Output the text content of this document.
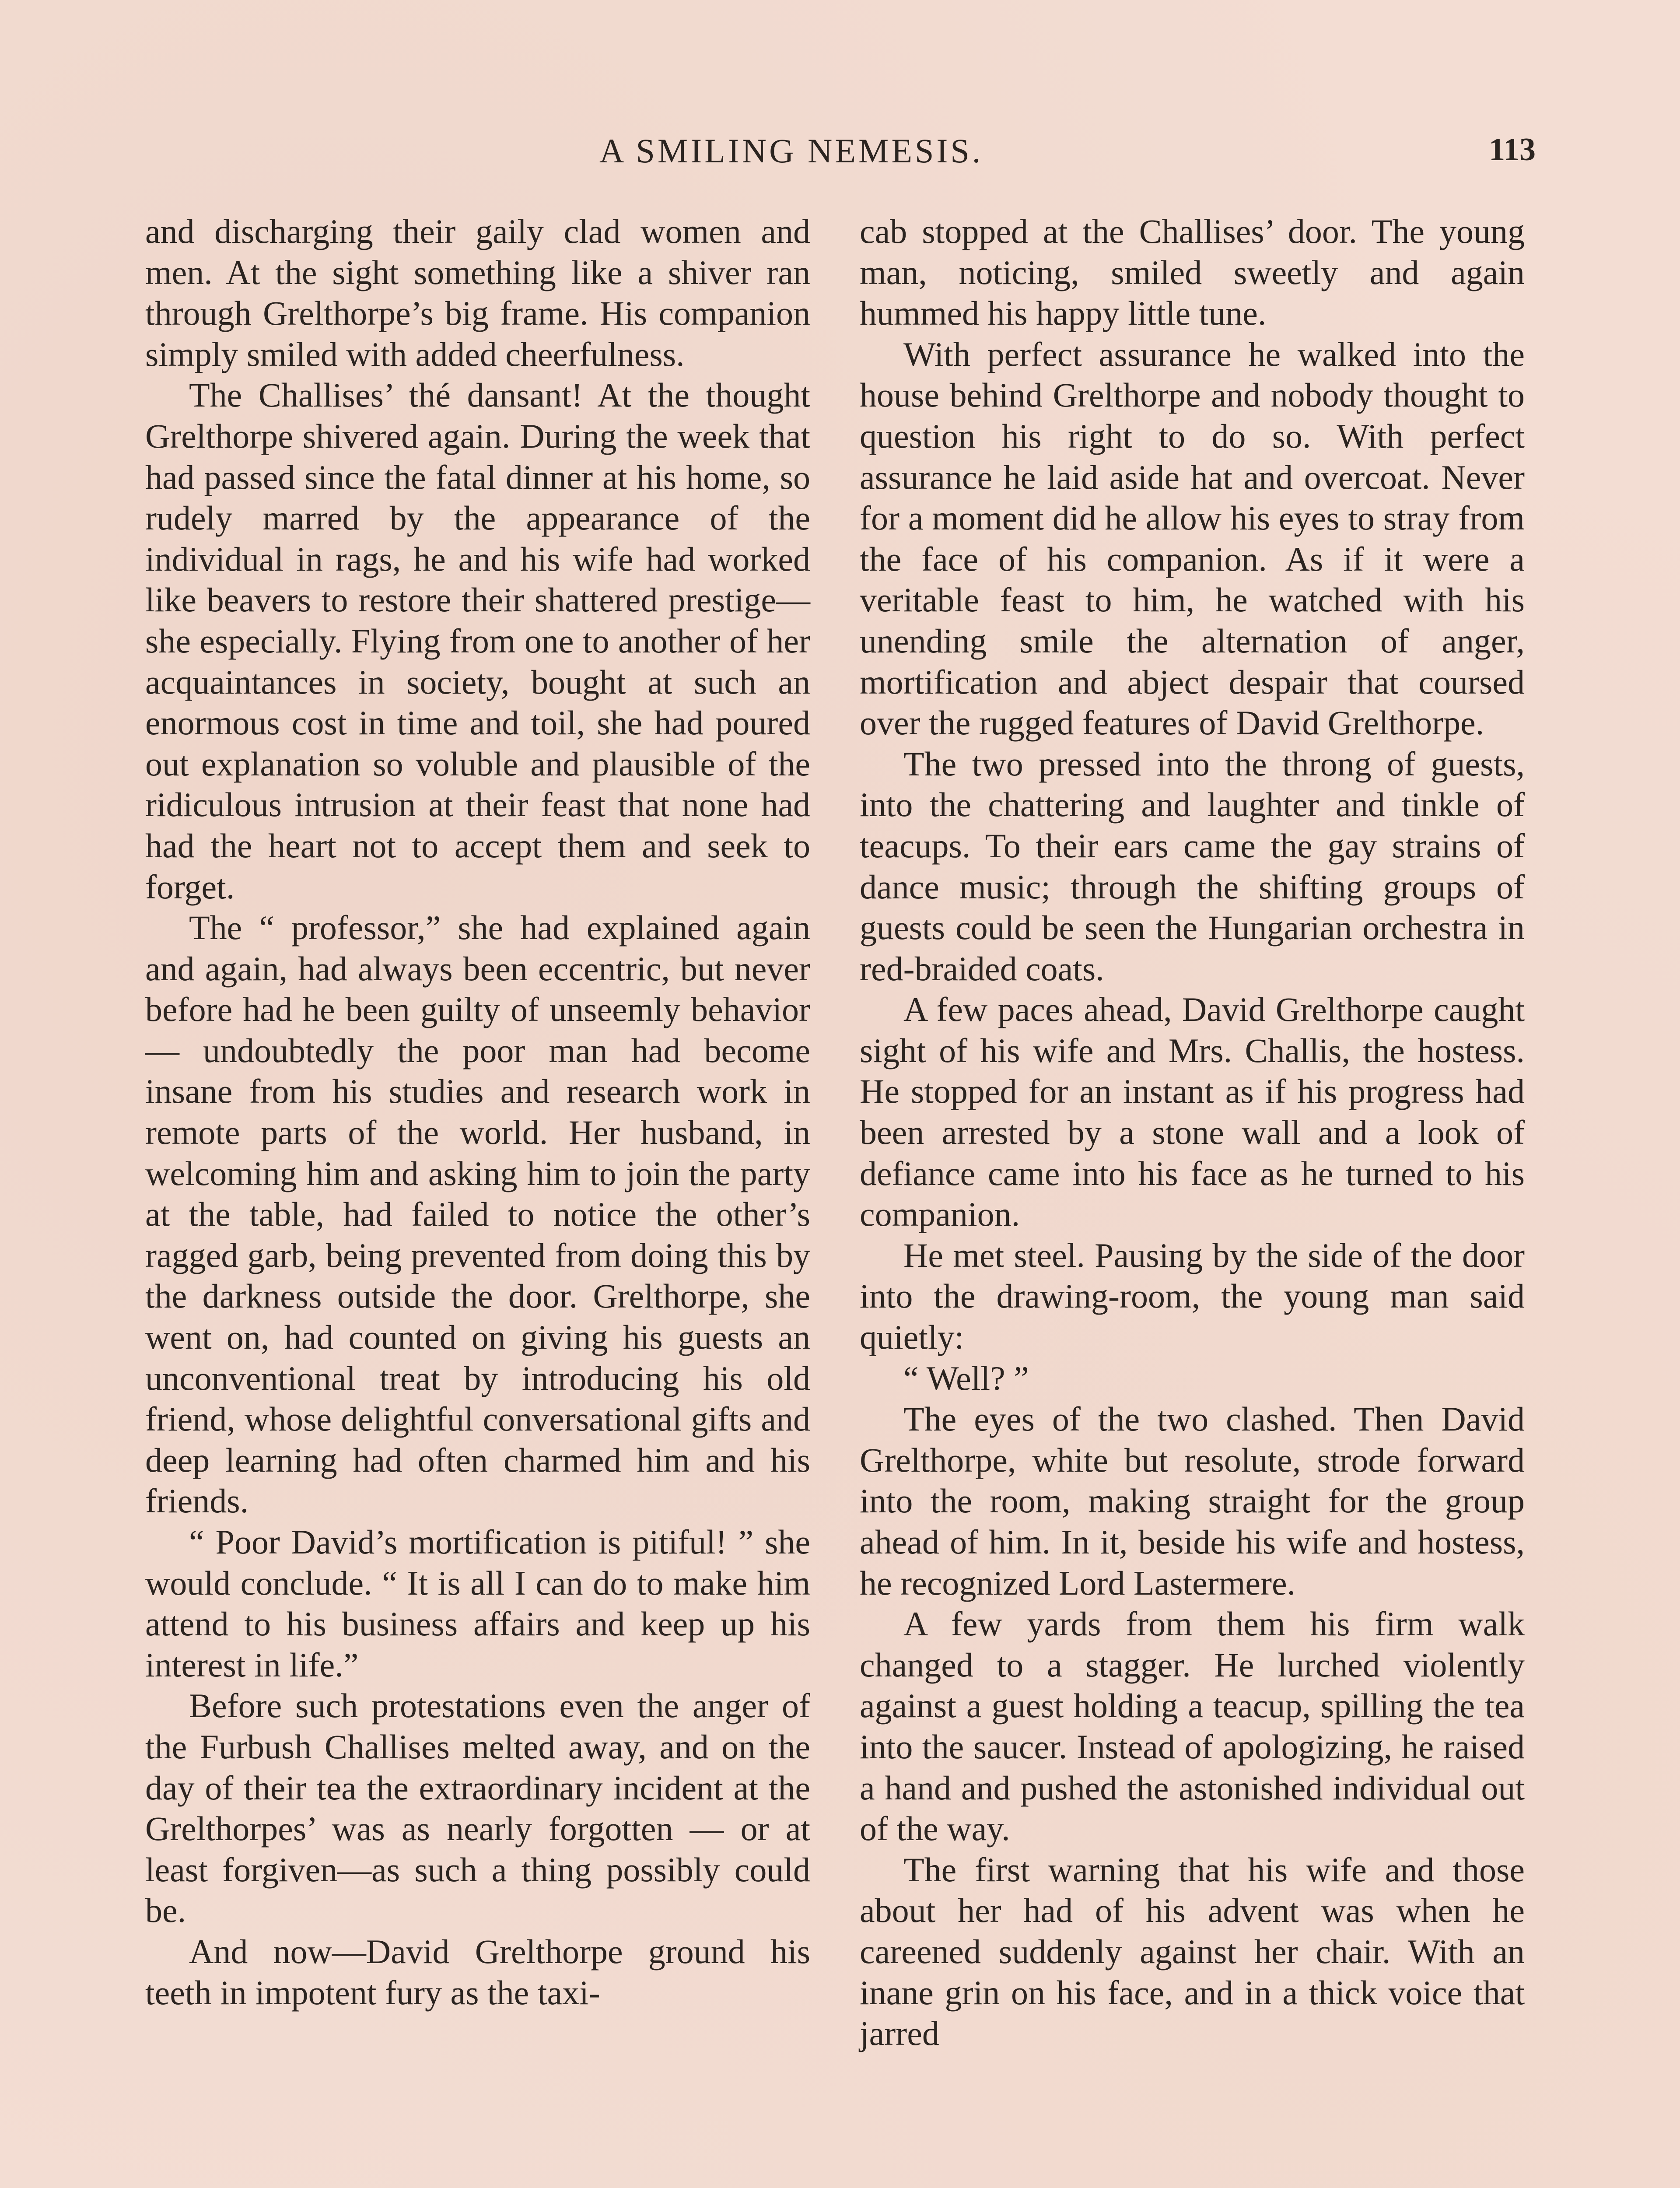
A SMILING NEMESIS.	113

and discharging their gaily clad women and men. At the sight something like a shiver ran through Grelthorpe’s big frame. His companion simply smiled with added cheerfulness.

The Challises’ thé dansant! At the thought Grelthorpe shivered again. During the week that had passed since the fatal dinner at his home, so rudely marred by the appearance of the individual in rags, he and his wife had worked like beavers to restore their shattered prestige—she especially. Flying from one to another of her acquaintances in society, bought at such an enormous cost in time and toil, she had poured out explanation so voluble and plausible of the ridiculous intrusion at their feast that none had had the heart not to accept them and seek to forget.

The “ professor,” she had explained again and again, had always been eccentric, but never before had he been guilty of unseemly behavior — undoubtedly the poor man had become insane from his studies and research work in remote parts of the world. Her husband, in welcoming him and asking him to join the party at the table, had failed to notice the other’s ragged garb, being prevented from doing this by the darkness outside the door. Grelthorpe, she went on, had counted on giving his guests an unconventional treat by introducing his old friend, whose delightful conversational gifts and deep learning had often charmed him and his friends.

“ Poor David’s mortification is pitiful! ” she would conclude. “ It is all I can do to make him attend to his business affairs and keep up his interest in life.”

Before such protestations even the anger of the Furbush Challises melted away, and on the day of their tea the extraordinary incident at the Grelthorpes’ was as nearly forgotten — or at least forgiven—as such a thing possibly could be.

And now—David Grelthorpe ground his teeth in impotent fury as the taxi-

cab stopped at the Challises’ door. The young man, noticing, smiled sweetly and again hummed his happy little tune.

With perfect assurance he walked into the house behind Grelthorpe and nobody thought to question his right to do so. With perfect assurance he laid aside hat and overcoat. Never for a moment did he allow his eyes to stray from the face of his companion. As if it were a veritable feast to him, he watched with his unending smile the alternation of anger, mortification and abject despair that coursed over the rugged features of David Grelthorpe.

The two pressed into the throng of guests, into the chattering and laughter and tinkle of teacups. To their ears came the gay strains of dance music; through the shifting groups of guests could be seen the Hungarian orchestra in red-braided coats.

A few paces ahead, David Grelthorpe caught sight of his wife and Mrs. Challis, the hostess. He stopped for an instant as if his progress had been arrested by a stone wall and a look of defiance came into his face as he turned to his companion.

He met steel. Pausing by the side of the door into the drawing-room, the young man said quietly:

“ Well? ”

The eyes of the two clashed. Then David Grelthorpe, white but resolute, strode forward into the room, making straight for the group ahead of him. In it, beside his wife and hostess, he recognized Lord Lastermere.

A few yards from them his firm walk changed to a stagger. He lurched violently against a guest holding a teacup, spilling the tea into the saucer. Instead of apologizing, he raised a hand and pushed the astonished individual out of the way.

The first warning that his wife and those about her had of his advent was when he careened suddenly against her chair. With an inane grin on his face, and in a thick voice that jarred
